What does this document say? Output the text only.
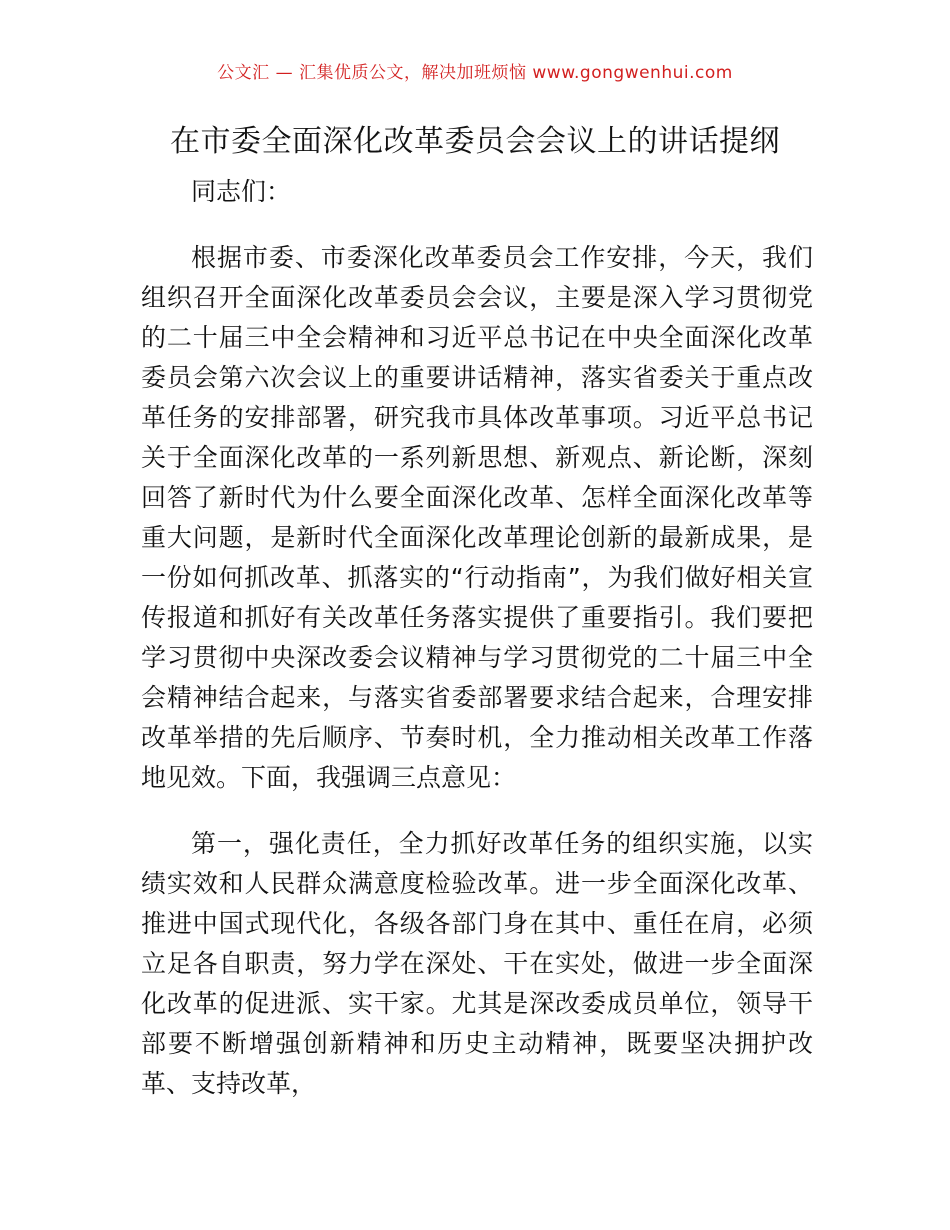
公文汇 — 汇集优质公文，解决加班烦恼 www.gongwenhui.com
在市委全面深化改革委员会会议上的讲话提纲

同志们：

根据市委、市委深化改革委员会工作安排，今天，我们组织召开全面深化改革委员会会议，主要是深入学习贯彻党的二十届三中全会精神和习近平总书记在中央全面深化改革委员会第六次会议上的重要讲话精神，落实省委关于重点改革任务的安排部署，研究我市具体改革事项。习近平总书记关于全面深化改革的一系列新思想、新观点、新论断，深刻回答了新时代为什么要全面深化改革、怎样全面深化改革等重大问题，是新时代全面深化改革理论创新的最新成果，是一份如何抓改革、抓落实的“行动指南”，为我们做好相关宣传报道和抓好有关改革任务落实提供了重要指引。我们要把学习贯彻中央深改委会议精神与学习贯彻党的二十届三中全会精神结合起来，与落实省委部署要求结合起来，合理安排改革举措的先后顺序、节奏时机，全力推动相关改革工作落地见效。下面，我强调三点意见：

第一，强化责任，全力抓好改革任务的组织实施，以实绩实效和人民群众满意度检验改革。进一步全面深化改革、推进中国式现代化，各级各部门身在其中、重任在肩，必须立足各自职责，努力学在深处、干在实处，做进一步全面深化改革的促进派、实干家。尤其是深改委成员单位，领导干部要不断增强创新精神和历史主动精神，既要坚决拥护改革、支持改革，
